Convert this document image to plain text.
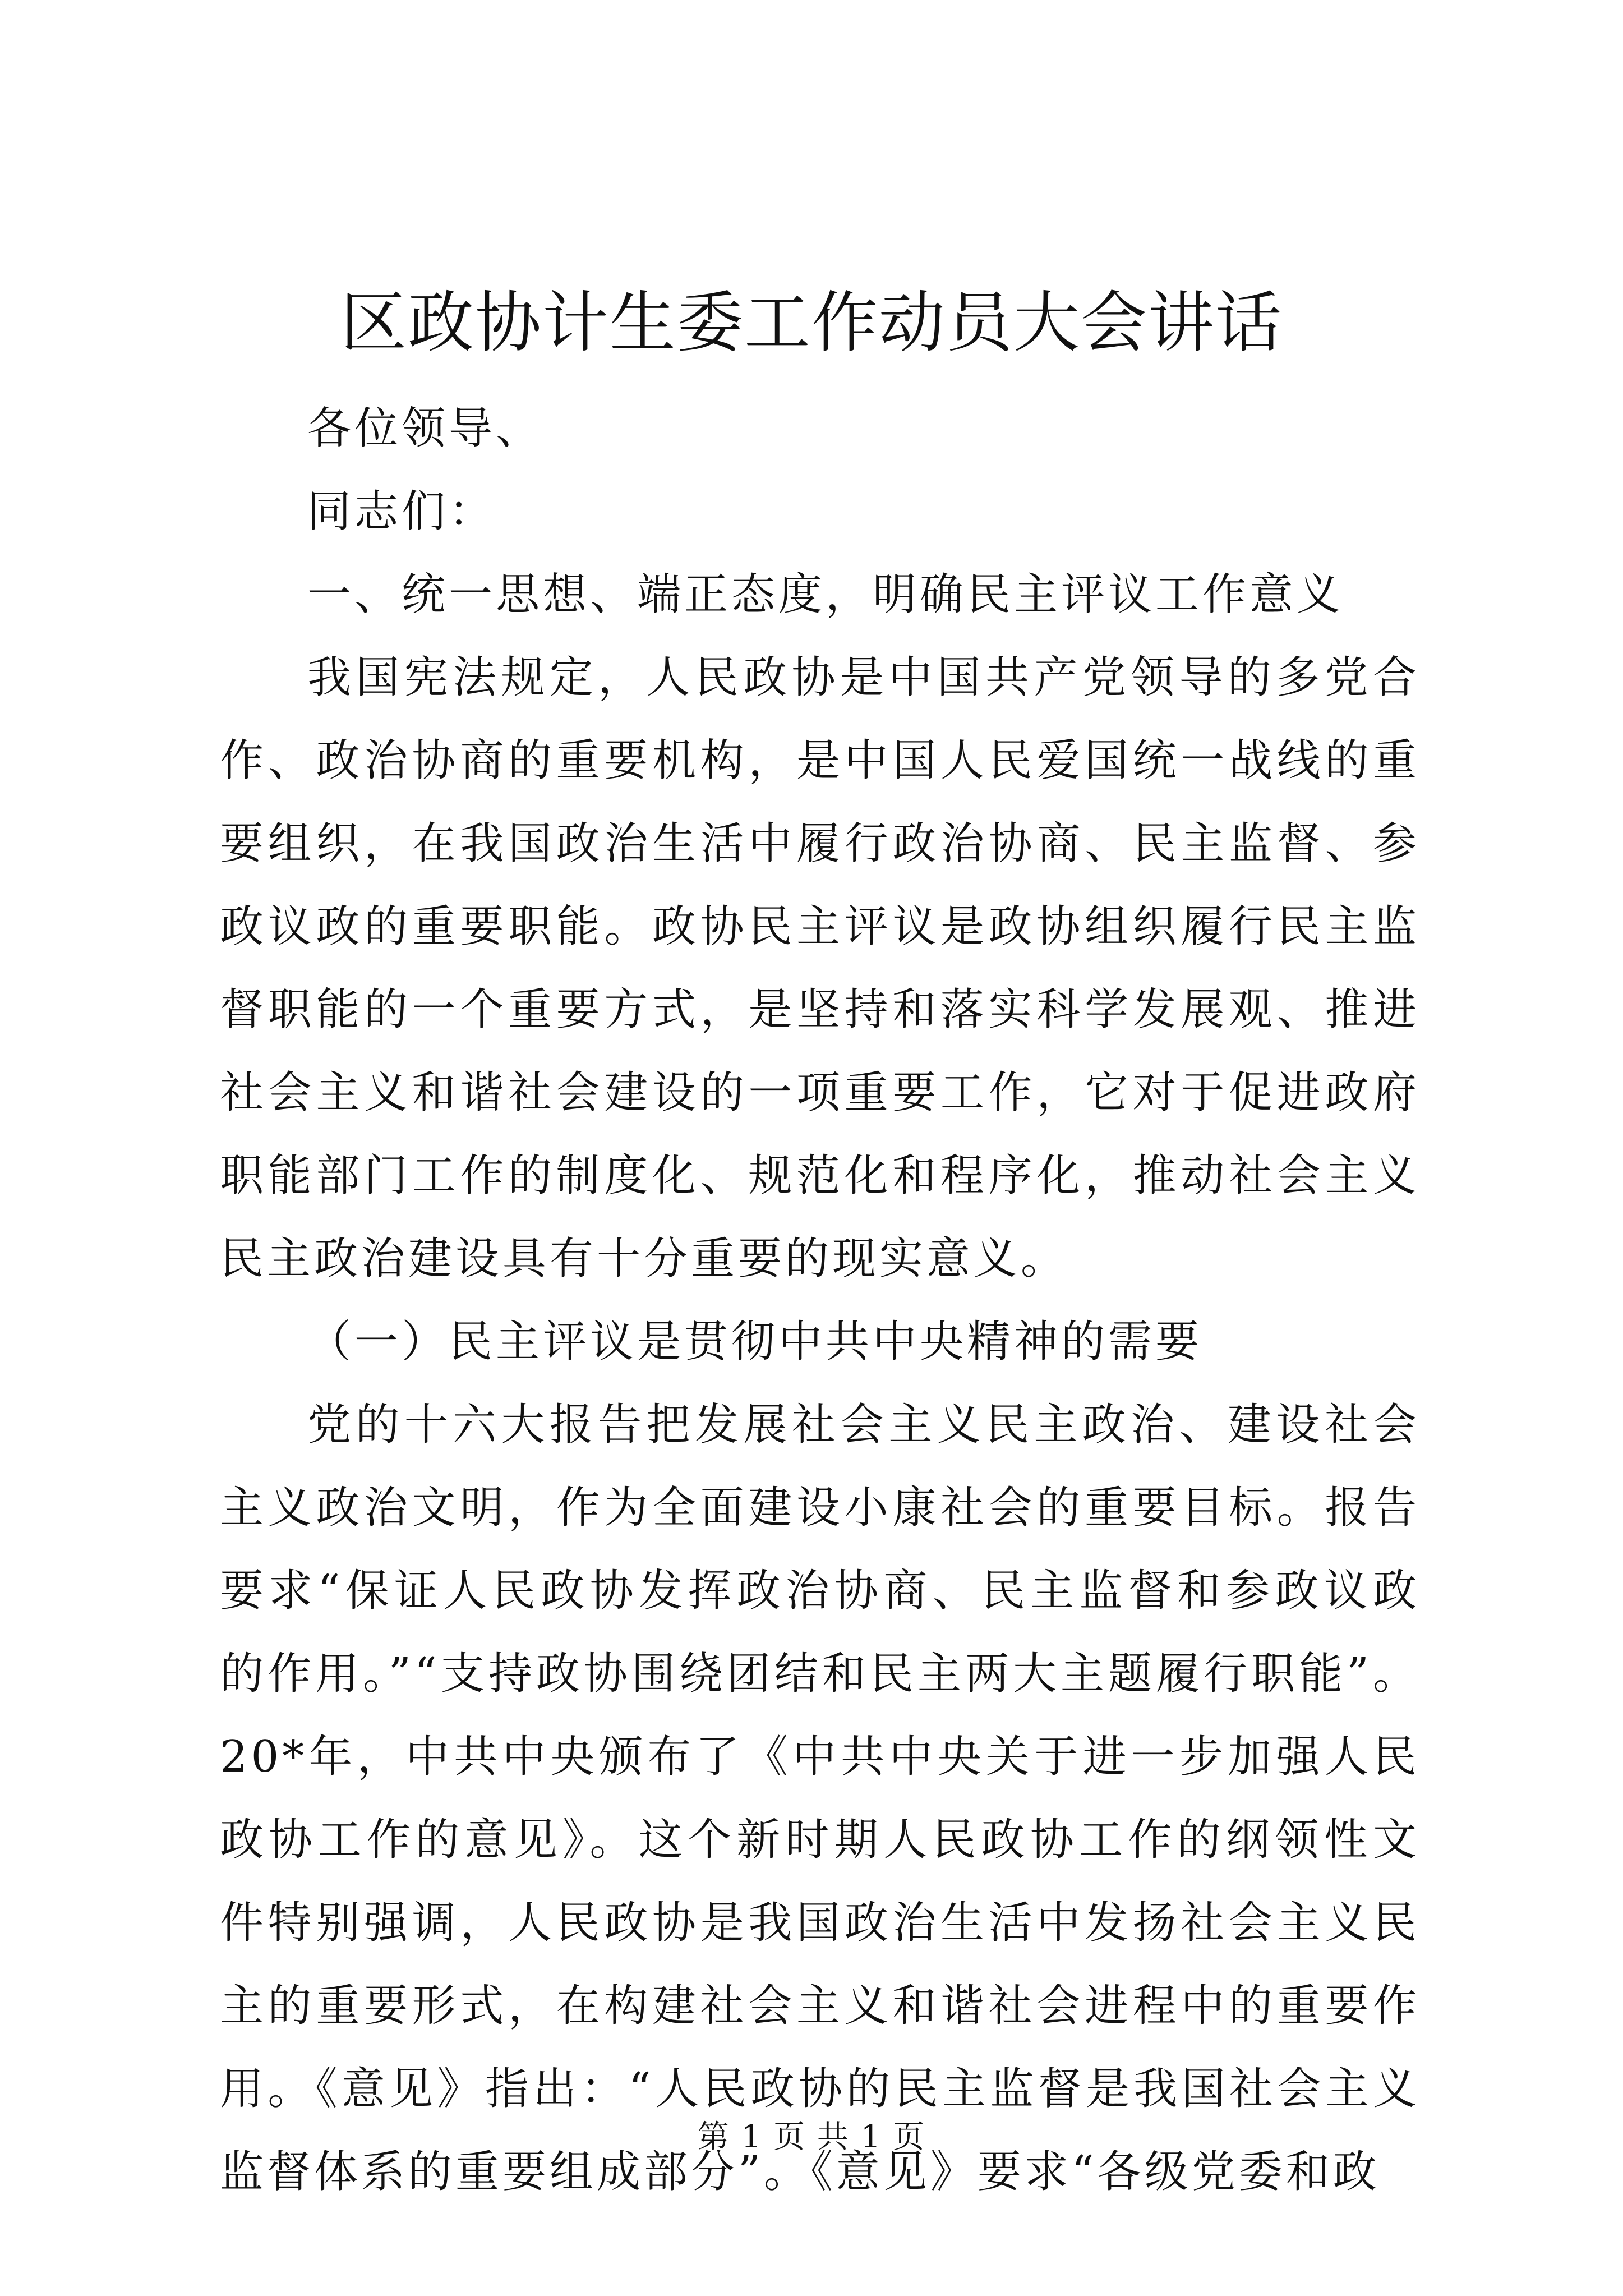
区政协计生委工作动员大会讲话

各位领导、

同志们：

一、统一思想、端正态度，明确民主评议工作意义

我国宪法规定，人民政协是中国共产党领导的多党合作、政治协商的重要机构，是中国人民爱国统一战线的重要组织，在我国政治生活中履行政治协商、民主监督、参政议政的重要职能。政协民主评议是政协组织履行民主监督职能的一个重要方式，是坚持和落实科学发展观、推进社会主义和谐社会建设的一项重要工作，它对于促进政府职能部门工作的制度化、规范化和程序化，推动社会主义民主政治建设具有十分重要的现实意义。

（一）民主评议是贯彻中共中央精神的需要

党的十六大报告把发展社会主义民主政治、建设社会主义政治文明，作为全面建设小康社会的重要目标。报告要求“保证人民政协发挥政治协商、民主监督和参政议政的作用。”“支持政协围绕团结和民主两大主题履行职能”。20*年，中共中央颁布了《中共中央关于进一步加强人民政协工作的意见》。这个新时期人民政协工作的纲领性文件特别强调，人民政协是我国政治生活中发扬社会主义民主的重要形式，在构建社会主义和谐社会进程中的重要作用。《意见》指出：“人民政协的民主监督是我国社会主义监督体系的重要组成部分”。《意见》要求“各级党委和政

第 1 页 共 1 页
